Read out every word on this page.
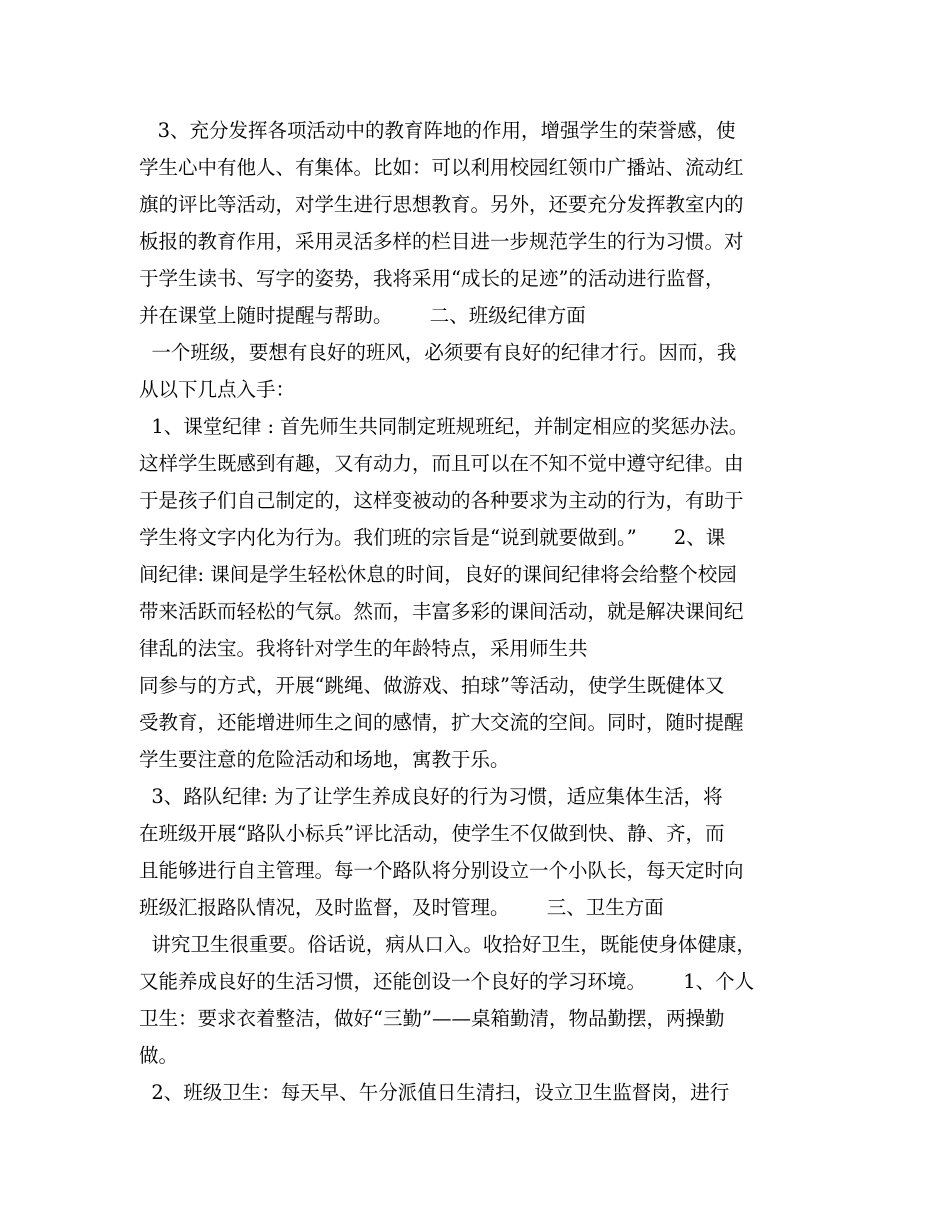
3、充分发挥各项活动中的教育阵地的作用，增强学生的荣誉感，使
学生心中有他人、有集体。比如：可以利用校园红领巾广播站、流动红
旗的评比等活动，对学生进行思想教育。另外，还要充分发挥教室内的
板报的教育作用，采用灵活多样的栏目进一步规范学生的行为习惯。对
于学生读书、写字的姿势，我将采用“成长的足迹”的活动进行监督，
并在课堂上随时提醒与帮助。      二、班级纪律方面
一个班级，要想有良好的班风，必须要有良好的纪律才行。因而，我
从以下几点入手：
1、课堂纪律 : 首先师生共同制定班规班纪，并制定相应的奖惩办法。
这样学生既感到有趣，又有动力，而且可以在不知不觉中遵守纪律。由
于是孩子们自己制定的，这样变被动的各种要求为主动的行为，有助于
学生将文字内化为行为。我们班的宗旨是“说到就要做到。”      2、课
间纪律: 课间是学生轻松休息的时间，良好的课间纪律将会给整个校园
带来活跃而轻松的气氛。然而，丰富多彩的课间活动，就是解决课间纪
律乱的法宝。我将针对学生的年龄特点，采用师生共
同参与的方式，开展“跳绳、做游戏、拍球”等活动，使学生既健体又
受教育，还能增进师生之间的感情，扩大交流的空间。同时，随时提醒
学生要注意的危险活动和场地，寓教于乐。
3、路队纪律: 为了让学生养成良好的行为习惯，适应集体生活，将
在班级开展“路队小标兵”评比活动，使学生不仅做到快、静、齐，而
且能够进行自主管理。每一个路队将分别设立一个小队长，每天定时向
班级汇报路队情况，及时监督，及时管理。      三、卫生方面
讲究卫生很重要。俗话说，病从口入。收拾好卫生，既能使身体健康，
又能养成良好的生活习惯，还能创设一个良好的学习环境。      1、个人
卫生：要求衣着整洁，做好“三勤”——桌箱勤清，物品勤摆，两操勤
做。
2、班级卫生：每天早、午分派值日生清扫，设立卫生监督岗，进行
